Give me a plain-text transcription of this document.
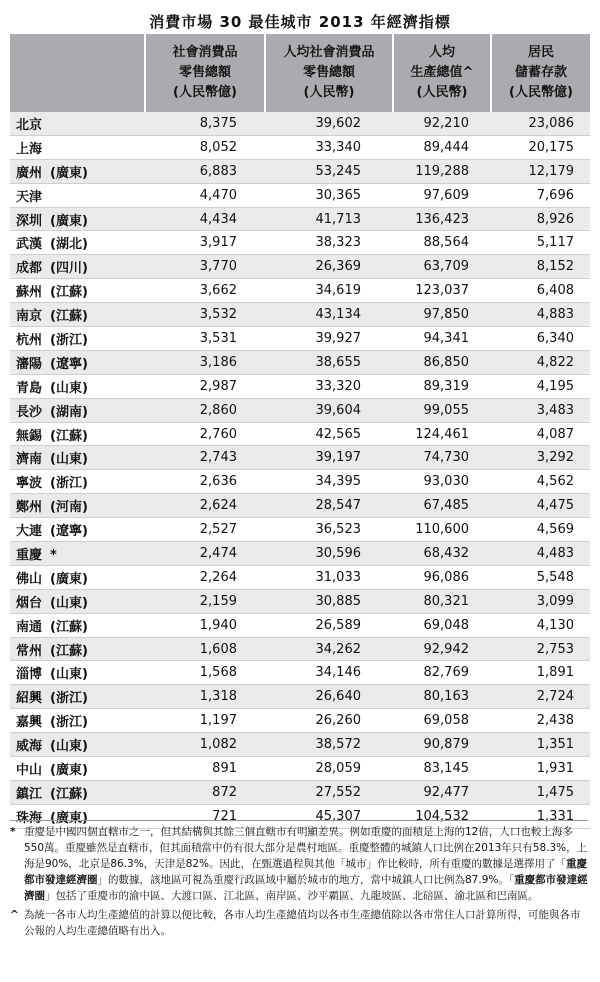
消費市場 30 最佳城市 2013 年經濟指標

	社會消費品
零售總額
(人民幣億)	人均社會消費品
零售總額
(人民幣)	人均
生產總值^
(人民幣)	居民
儲蓄存款
(人民幣億)

北京	8,375	39,602	92,210	23,086
上海	8,052	33,340	89,444	20,175
廣州 (廣東)	6,883	53,245	119,288	12,179
天津	4,470	30,365	97,609	7,696
深圳 (廣東)	4,434	41,713	136,423	8,926
武漢 (湖北)	3,917	38,323	88,564	5,117
成都 (四川)	3,770	26,369	63,709	8,152
蘇州 (江蘇)	3,662	34,619	123,037	6,408
南京 (江蘇)	3,532	43,134	97,850	4,883
杭州 (浙江)	3,531	39,927	94,341	6,340
瀋陽 (遼寧)	3,186	38,655	86,850	4,822
青島 (山東)	2,987	33,320	89,319	4,195
長沙 (湖南)	2,860	39,604	99,055	3,483
無錫 (江蘇)	2,760	42,565	124,461	4,087
濟南 (山東)	2,743	39,197	74,730	3,292
寧波 (浙江)	2,636	34,395	93,030	4,562
鄭州 (河南)	2,624	28,547	67,485	4,475
大連 (遼寧)	2,527	36,523	110,600	4,569
重慶 *	2,474	30,596	68,432	4,483
佛山 (廣東)	2,264	31,033	96,086	5,548
烟台 (山東)	2,159	30,885	80,321	3,099
南通 (江蘇)	1,940	26,589	69,048	4,130
常州 (江蘇)	1,608	34,262	92,942	2,753
淄博 (山東)	1,568	34,146	82,769	1,891
紹興 (浙江)	1,318	26,640	80,163	2,724
嘉興 (浙江)	1,197	26,260	69,058	2,438
威海 (山東)	1,082	38,572	90,879	1,351
中山 (廣東)	891	28,059	83,145	1,931
鎮江 (江蘇)	872	27,552	92,477	1,475
珠海 (廣東)	721	45,307	104,532	1,331
* 重慶是中國四個直轄市之一，但其結構與其餘三個直轄市有明顯差異。例如重慶的面積是上海的12倍，人口也較上海多550萬。重慶雖然是直轄市，但其面積當中仍有很大部分是農村地區。重慶整體的城鎮人口比例在2013年只有58.3%，上海是90%，北京是86.3%，天津是82%。因此，在甄選過程與其他「城市」作比較時，所有重慶的數據是選擇用了「重慶都市發達經濟圈」的數據，該地區可視為重慶行政區域中屬於城市的地方，當中城鎮人口比例為87.9%。「重慶都市發達經濟圈」包括了重慶市的渝中區、大渡口區、江北區、南岸區、沙平霸區、九龍坡區、北碚區、渝北區和巴南區。
^ 為統一各市人均生產總值的計算以便比較，各市人均生產總值均以各市生產總值除以各市常住人口計算所得，可能與各市公報的人均生產總值略有出入。
